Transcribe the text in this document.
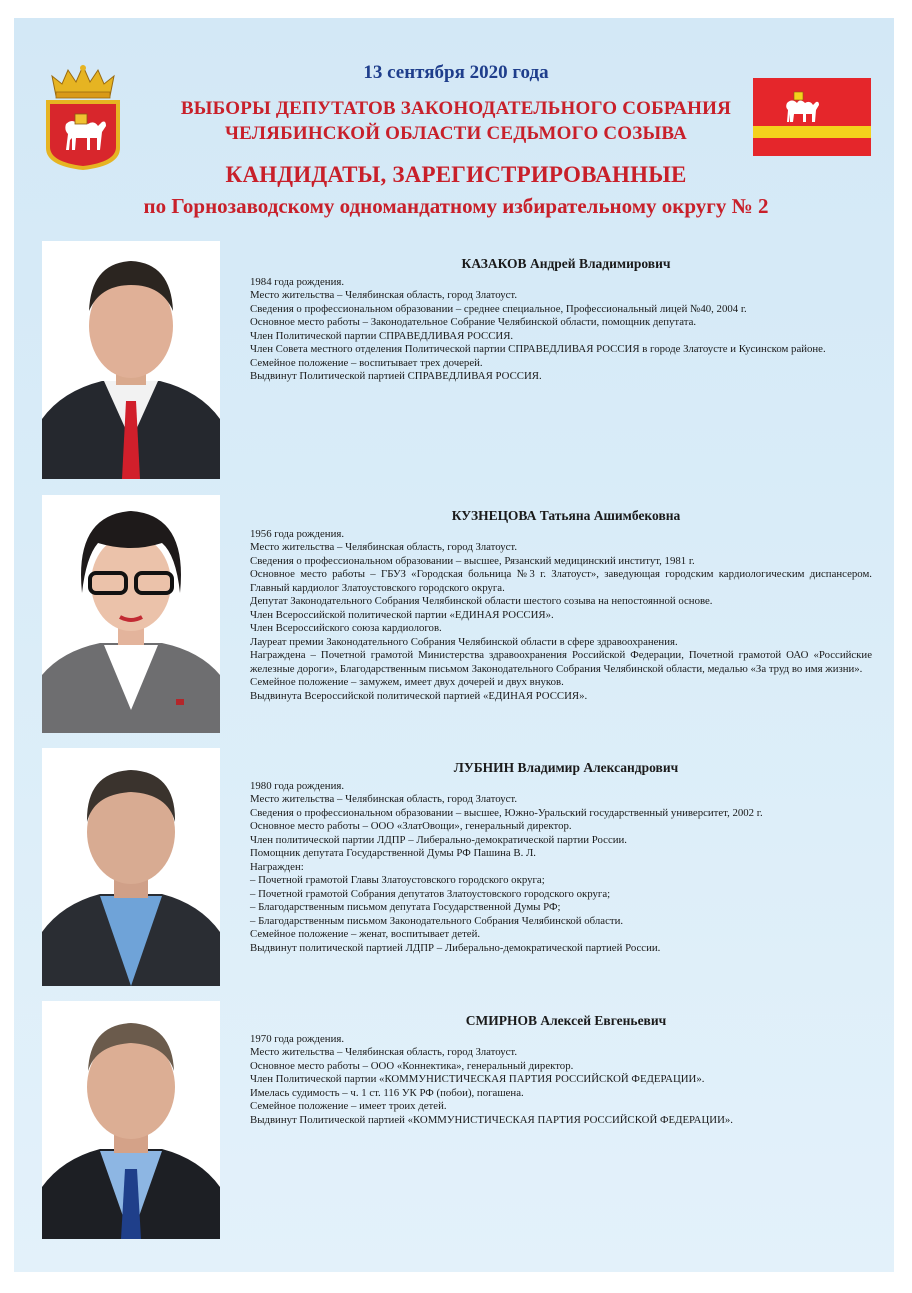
13 сентября 2020 года
ВЫБОРЫ ДЕПУТАТОВ ЗАКОНОДАТЕЛЬНОГО СОБРАНИЯ
ЧЕЛЯБИНСКОЙ ОБЛАСТИ СЕДЬМОГО СОЗЫВА
КАНДИДАТЫ, ЗАРЕГИСТРИРОВАННЫЕ
по Горнозаводскому одномандатному избирательному округу № 2
КАЗАКОВ Андрей Владимирович
1984 года рождения.
Место жительства – Челябинская область, город Златоуст.
Сведения о профессиональном образовании – среднее специальное, Профессиональный лицей №40, 2004 г.
Основное место работы – Законодательное Собрание Челябинской области, помощник депутата.
Член Политической партии СПРАВЕДЛИВАЯ РОССИЯ.
Член Совета местного отделения Политической партии СПРАВЕДЛИВАЯ РОССИЯ в городе Златоусте и Кусинском районе.
Семейное положение – воспитывает трех дочерей.
Выдвинут Политической партией СПРАВЕДЛИВАЯ РОССИЯ.
КУЗНЕЦОВА Татьяна Ашимбековна
1956 года рождения.
Место жительства – Челябинская область, город Златоуст.
Сведения о профессиональном образовании – высшее, Рязанский медицинский институт, 1981 г.
Основное место работы – ГБУЗ «Городская больница №3 г. Златоуст», заведующая городским кардиологическим диспансером. Главный кардиолог Златоустовского городского округа.
Депутат Законодательного Собрания Челябинской области шестого созыва на непостоянной основе.
Член Всероссийской политической партии «ЕДИНАЯ РОССИЯ».
Член Всероссийского союза кардиологов.
Лауреат премии Законодательного Собрания Челябинской области в сфере здравоохранения.
Награждена – Почетной грамотой Министерства здравоохранения Российской Федерации, Почетной грамотой ОАО «Российские железные дороги», Благодарственным письмом Законодательного Собрания Челябинской области, медалью «За труд во имя жизни».
Семейное положение – замужем, имеет двух дочерей и двух внуков.
Выдвинута Всероссийской политической партией «ЕДИНАЯ РОССИЯ».
ЛУБНИН Владимир Александрович
1980 года рождения.
Место жительства – Челябинская область, город Златоуст.
Сведения о профессиональном образовании – высшее, Южно-Уральский государственный университет, 2002 г.
Основное место работы – ООО «ЗлатОвощи», генеральный директор.
Член политической партии ЛДПР – Либерально-демократической партии России.
Помощник депутата Государственной Думы РФ Пашина В. Л.
Награжден:
– Почетной грамотой Главы Златоустовского городского округа;
– Почетной грамотой Собрания депутатов Златоустовского городского округа;
– Благодарственным письмом депутата Государственной Думы РФ;
– Благодарственным письмом Законодательного Собрания Челябинской области.
Семейное положение – женат, воспитывает детей.
Выдвинут политической партией ЛДПР – Либерально-демократической партией России.
СМИРНОВ Алексей Евгеньевич
1970 года рождения.
Место жительства – Челябинская область, город Златоуст.
Основное место работы – ООО «Коннектика», генеральный директор.
Член Политической партии «КОММУНИСТИЧЕСКАЯ ПАРТИЯ РОССИЙСКОЙ ФЕДЕРАЦИИ».
Имелась судимость – ч. 1 ст. 116 УК РФ (побои), погашена.
Семейное положение – имеет троих детей.
Выдвинут Политической партией «КОММУНИСТИЧЕСКАЯ ПАРТИЯ РОССИЙСКОЙ ФЕДЕРАЦИИ».
